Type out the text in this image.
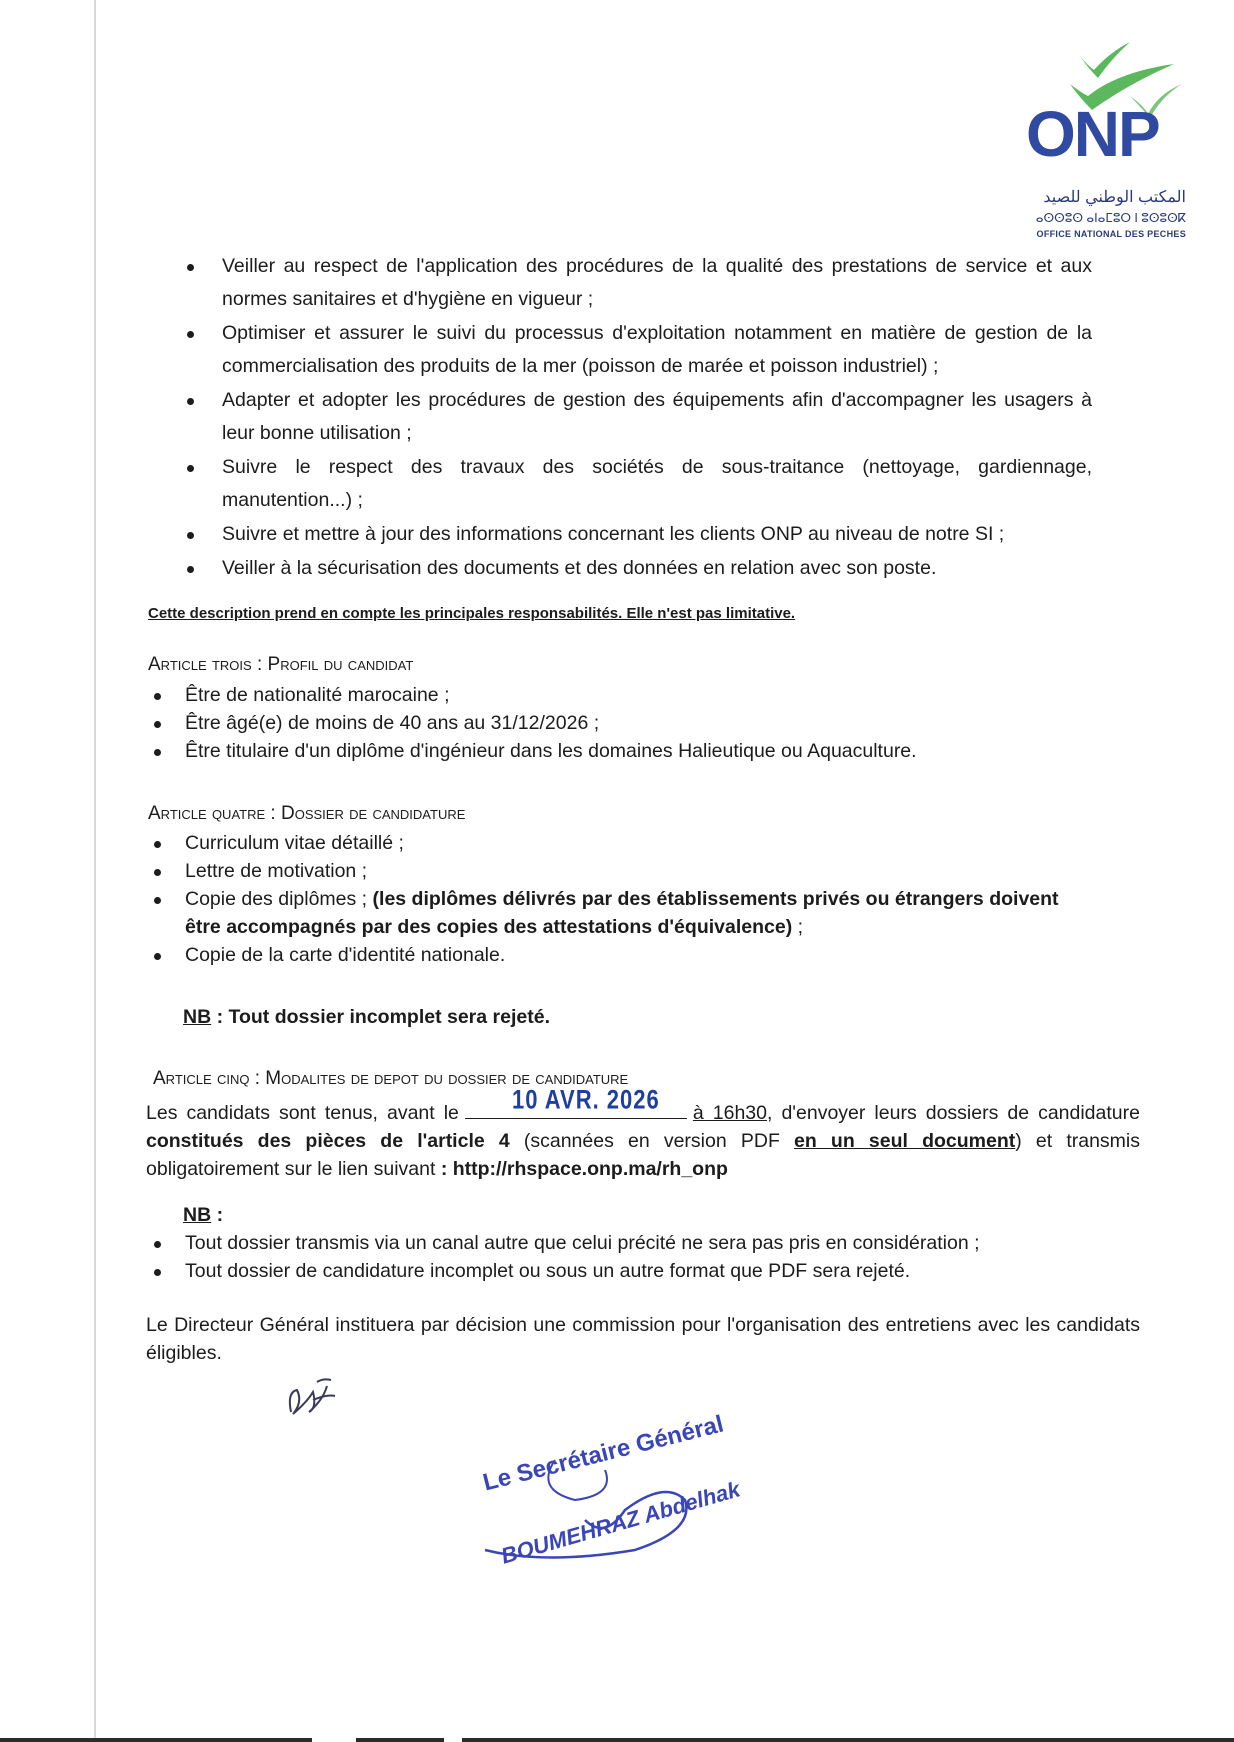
ONP
المكتب الوطني للصيد
ⴰⵙⵙⵓⵙ ⴰⵏⴰⵎⵓⵔ ⵏ ⵓⵙⵓⵙⴽ
OFFICE NATIONAL DES PECHES
Veiller au respect de l'application des procédures de la qualité des prestations de service et aux normes sanitaires et d'hygiène en vigueur ;
Optimiser et assurer le suivi du processus d'exploitation notamment en matière de gestion de la commercialisation des produits de la mer (poisson de marée et poisson industriel) ;
Adapter et adopter les procédures de gestion des équipements afin d'accompagner les usagers à leur bonne utilisation ;
Suivre le respect des travaux des sociétés de sous-traitance (nettoyage, gardiennage, manutention...) ;
Suivre et mettre à jour des informations concernant les clients ONP au niveau de notre SI ;
Veiller à la sécurisation des documents et des données en relation avec son poste.
Cette description prend en compte les principales responsabilités. Elle n'est pas limitative.
Article trois : Profil du candidat
Être de nationalité marocaine ;
Être âgé(e) de moins de 40 ans au 31/12/2026 ;
Être titulaire d'un diplôme d'ingénieur dans les domaines Halieutique ou Aquaculture.
Article quatre : Dossier de candidature
Curriculum vitae détaillé ;
Lettre de motivation ;
Copie des diplômes ; (les diplômes délivrés par des établissements privés ou étrangers doivent être accompagnés par des copies des attestations d'équivalence) ;
Copie de la carte d'identité nationale.
NB : Tout dossier incomplet sera rejeté.
Article cinq : Modalites de depot du dossier de candidature
10 AVR. 2026
Les candidats sont tenus, avant le	à 16h30, d'envoyer leurs dossiers de candidature constitués des pièces de l'article 4 (scannées en version PDF en un seul document) et transmis obligatoirement sur le lien suivant : http://rhspace.onp.ma/rh_onp
NB :
Tout dossier transmis via un canal autre que celui précité ne sera pas pris en considération ;
Tout dossier de candidature incomplet ou sous un autre format que PDF sera rejeté.
Le Directeur Général instituera par décision une commission pour l'organisation des entretiens avec les candidats éligibles.
Le Secrétaire Général
BOUMEHRAZ Abdelhak
